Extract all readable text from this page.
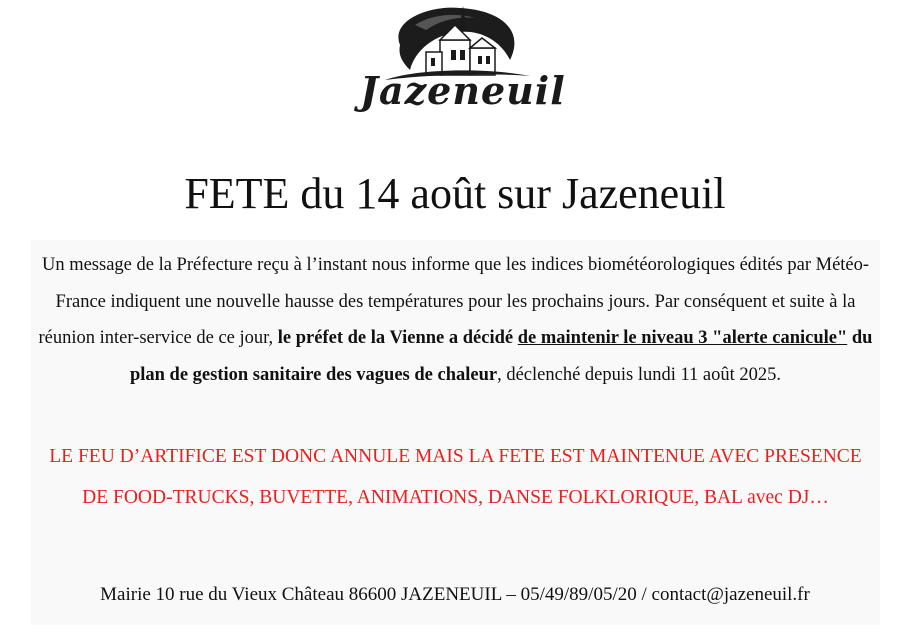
Jazeneuil
FETE du 14 août sur Jazeneuil

Un message de la Préfecture reçu à l’instant nous informe que les indices biométéorologiques édités par Météo-France indiquent une nouvelle hausse des températures pour les prochains jours. Par conséquent et suite à la réunion inter-service de ce jour, le préfet de la Vienne a décidé de maintenir le niveau 3 "alerte canicule" du plan de gestion sanitaire des vagues de chaleur, déclenché depuis lundi 11 août 2025.

LE FEU D’ARTIFICE EST DONC ANNULE MAIS LA FETE EST MAINTENUE AVEC PRESENCE DE FOOD-TRUCKS, BUVETTE, ANIMATIONS, DANSE FOLKLORIQUE, BAL avec DJ…

Mairie 10 rue du Vieux Château 86600 JAZENEUIL – 05/49/89/05/20 / contact@jazeneuil.fr
